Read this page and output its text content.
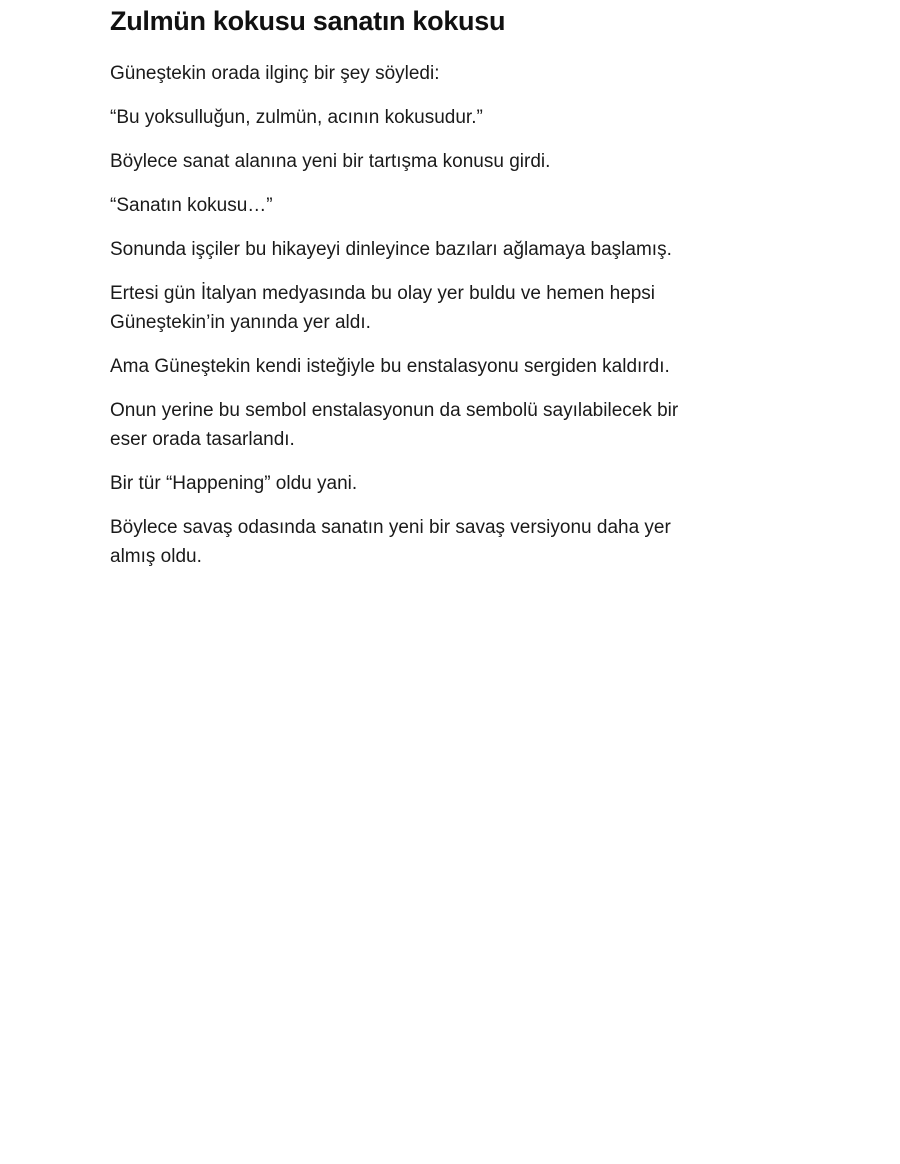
Zulmün kokusu sanatın kokusu

Güneştekin orada ilginç bir şey söyledi:

“Bu yoksulluğun, zulmün, acının kokusudur.”

Böylece sanat alanına yeni bir tartışma konusu girdi.

“Sanatın kokusu…”

Sonunda işçiler bu hikayeyi dinleyince bazıları ağlamaya başlamış.

Ertesi gün İtalyan medyasında bu olay yer buldu ve hemen hepsi Güneştekin’in yanında yer aldı.

Ama Güneştekin kendi isteğiyle bu enstalasyonu sergiden kaldırdı.

Onun yerine bu sembol enstalasyonun da sembolü sayılabilecek bir eser orada tasarlandı.

Bir tür “Happening” oldu yani.

Böylece savaş odasında sanatın yeni bir savaş versiyonu daha yer almış oldu.
